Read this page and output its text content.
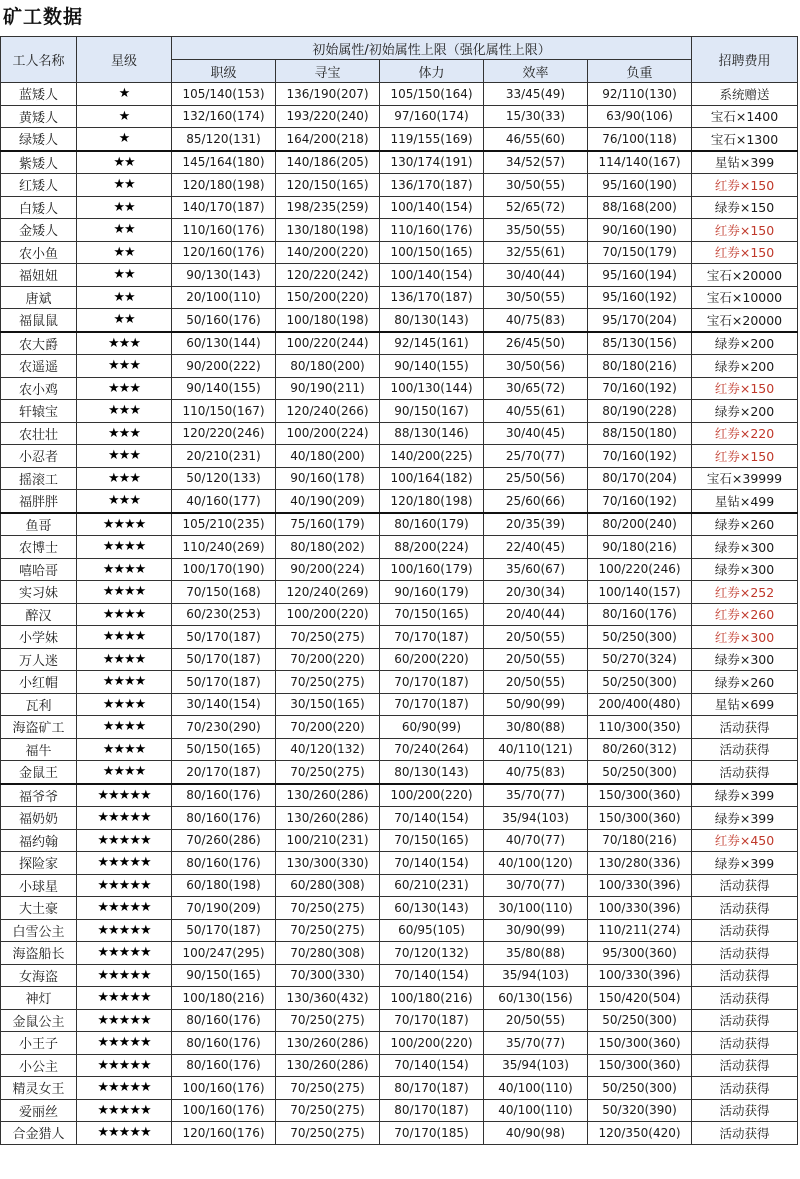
矿工数据
工人名称	星级	初始属性/初始属性上限（强化属性上限）					招聘费用
		职级	寻宝	体力	效率	负重	
蓝矮人	★	105/140(153)	136/190(207)	105/150(164)	33/45(49)	92/110(130)	系统赠送
黄矮人	★	132/160(174)	193/220(240)	97/160(174)	15/30(33)	63/90(106)	宝石×1400
绿矮人	★	85/120(131)	164/200(218)	119/155(169)	46/55(60)	76/100(118)	宝石×1300
紫矮人	★★	145/164(180)	140/186(205)	130/174(191)	34/52(57)	114/140(167)	星钻×399
红矮人	★★	120/180(198)	120/150(165)	136/170(187)	30/50(55)	95/160(190)	红券×150
白矮人	★★	140/170(187)	198/235(259)	100/140(154)	52/65(72)	88/168(200)	绿券×150
金矮人	★★	110/160(176)	130/180(198)	110/160(176)	35/50(55)	90/160(190)	红券×150
农小鱼	★★	120/160(176)	140/200(220)	100/150(165)	32/55(61)	70/150(179)	红券×150
福妞妞	★★	90/130(143)	120/220(242)	100/140(154)	30/40(44)	95/160(194)	宝石×20000
唐斌	★★	20/100(110)	150/200(220)	136/170(187)	30/50(55)	95/160(192)	宝石×10000
福鼠鼠	★★	50/160(176)	100/180(198)	80/130(143)	40/75(83)	95/170(204)	宝石×20000
农大爵	★★★	60/130(144)	100/220(244)	92/145(161)	26/45(50)	85/130(156)	绿券×200
农遥遥	★★★	90/200(222)	80/180(200)	90/140(155)	30/50(56)	80/180(216)	绿券×200
农小鸡	★★★	90/140(155)	90/190(211)	100/130(144)	30/65(72)	70/160(192)	红券×150
轩辕宝	★★★	110/150(167)	120/240(266)	90/150(167)	40/55(61)	80/190(228)	绿券×200
农壮壮	★★★	120/220(246)	100/200(224)	88/130(146)	30/40(45)	88/150(180)	红券×220
小忍者	★★★	20/210(231)	40/180(200)	140/200(225)	25/70(77)	70/160(192)	红券×150
摇滚工	★★★	50/120(133)	90/160(178)	100/164(182)	25/50(56)	80/170(204)	宝石×39999
福胖胖	★★★	40/160(177)	40/190(209)	120/180(198)	25/60(66)	70/160(192)	星钻×499
鱼哥	★★★★	105/210(235)	75/160(179)	80/160(179)	20/35(39)	80/200(240)	绿券×260
农博士	★★★★	110/240(269)	80/180(202)	88/200(224)	22/40(45)	90/180(216)	绿券×300
嘻哈哥	★★★★	100/170(190)	90/200(224)	100/160(179)	35/60(67)	100/220(246)	绿券×300
实习妹	★★★★	70/150(168)	120/240(269)	90/160(179)	20/30(34)	100/140(157)	红券×252
醉汉	★★★★	60/230(253)	100/200(220)	70/150(165)	20/40(44)	80/160(176)	红券×260
小学妹	★★★★	50/170(187)	70/250(275)	70/170(187)	20/50(55)	50/250(300)	红券×300
万人迷	★★★★	50/170(187)	70/200(220)	60/200(220)	20/50(55)	50/270(324)	绿券×300
小红帽	★★★★	50/170(187)	70/250(275)	70/170(187)	20/50(55)	50/250(300)	绿券×260
瓦利	★★★★	30/140(154)	30/150(165)	70/170(187)	50/90(99)	200/400(480)	星钻×699
海盗矿工	★★★★	70/230(290)	70/200(220)	60/90(99)	30/80(88)	110/300(350)	活动获得
福牛	★★★★	50/150(165)	40/120(132)	70/240(264)	40/110(121)	80/260(312)	活动获得
金鼠王	★★★★	20/170(187)	70/250(275)	80/130(143)	40/75(83)	50/250(300)	活动获得
福爷爷	★★★★★	80/160(176)	130/260(286)	100/200(220)	35/70(77)	150/300(360)	绿券×399
福奶奶	★★★★★	80/160(176)	130/260(286)	70/140(154)	35/94(103)	150/300(360)	绿券×399
福约翰	★★★★★	70/260(286)	100/210(231)	70/150(165)	40/70(77)	70/180(216)	红券×450
探险家	★★★★★	80/160(176)	130/300(330)	70/140(154)	40/100(120)	130/280(336)	绿券×399
小球星	★★★★★	60/180(198)	60/280(308)	60/210(231)	30/70(77)	100/330(396)	活动获得
大土豪	★★★★★	70/190(209)	70/250(275)	60/130(143)	30/100(110)	100/330(396)	活动获得
白雪公主	★★★★★	50/170(187)	70/250(275)	60/95(105)	30/90(99)	110/211(274)	活动获得
海盗船长	★★★★★	100/247(295)	70/280(308)	70/120(132)	35/80(88)	95/300(360)	活动获得
女海盗	★★★★★	90/150(165)	70/300(330)	70/140(154)	35/94(103)	100/330(396)	活动获得
神灯	★★★★★	100/180(216)	130/360(432)	100/180(216)	60/130(156)	150/420(504)	活动获得
金鼠公主	★★★★★	80/160(176)	70/250(275)	70/170(187)	20/50(55)	50/250(300)	活动获得
小王子	★★★★★	80/160(176)	130/260(286)	100/200(220)	35/70(77)	150/300(360)	活动获得
小公主	★★★★★	80/160(176)	130/260(286)	70/140(154)	35/94(103)	150/300(360)	活动获得
精灵女王	★★★★★	100/160(176)	70/250(275)	80/170(187)	40/100(110)	50/250(300)	活动获得
爱丽丝	★★★★★	100/160(176)	70/250(275)	80/170(187)	40/100(110)	50/320(390)	活动获得
合金猎人	★★★★★	120/160(176)	70/250(275)	70/170(185)	40/90(98)	120/350(420)	活动获得
